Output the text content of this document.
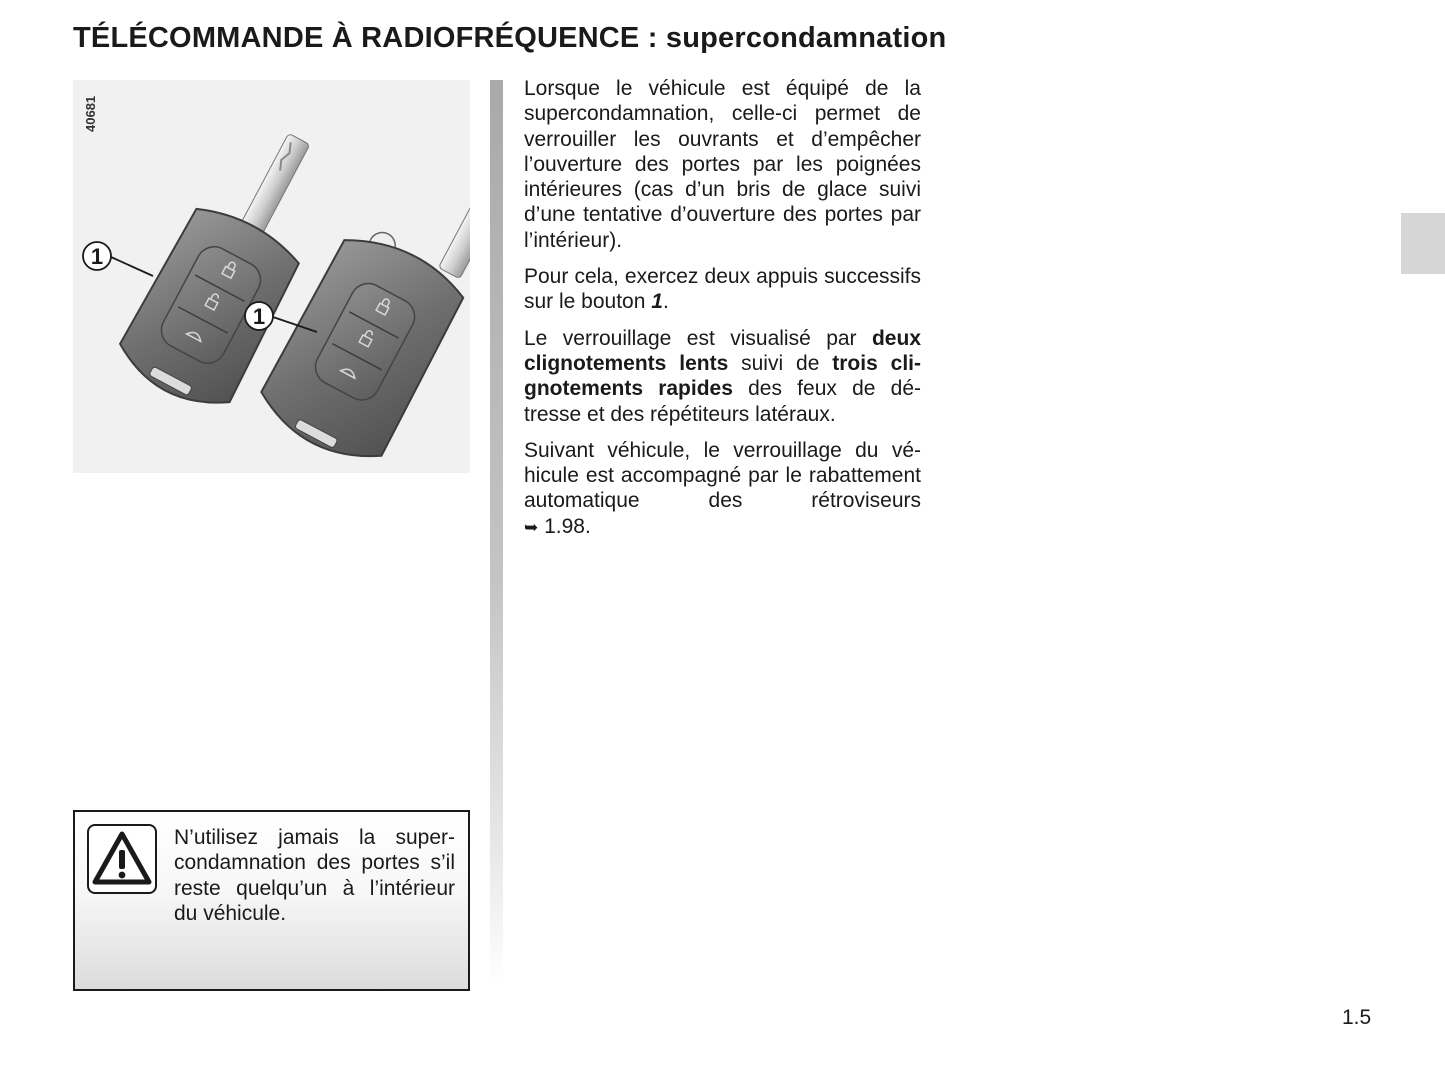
TÉLÉCOMMANDE À RADIOFRÉQUENCE : supercondamnation
40681
1
1

Lorsque le véhicule est équipé de la supercondamnation, celle-ci permet de verrouiller les ouvrants et d’empêcher l’ouverture des portes par les poignées intérieures (cas d’un bris de glace suivi d’une tentative d’ouverture des portes par l’intérieur).

Pour cela, exercez deux appuis successifs sur le bouton 1.

Le verrouillage est visualisé par deux clignotements lents suivi de trois clignotements rapides des feux de détresse et des répétiteurs latéraux.

Suivant véhicule, le verrouillage du véhicule est accompagné par le rabattement automatique des rétroviseurs

➥ 1.98.

N’utilisez jamais la supercondamnation des portes s’il reste quelqu’un à l’intérieur du véhicule.
1.5
